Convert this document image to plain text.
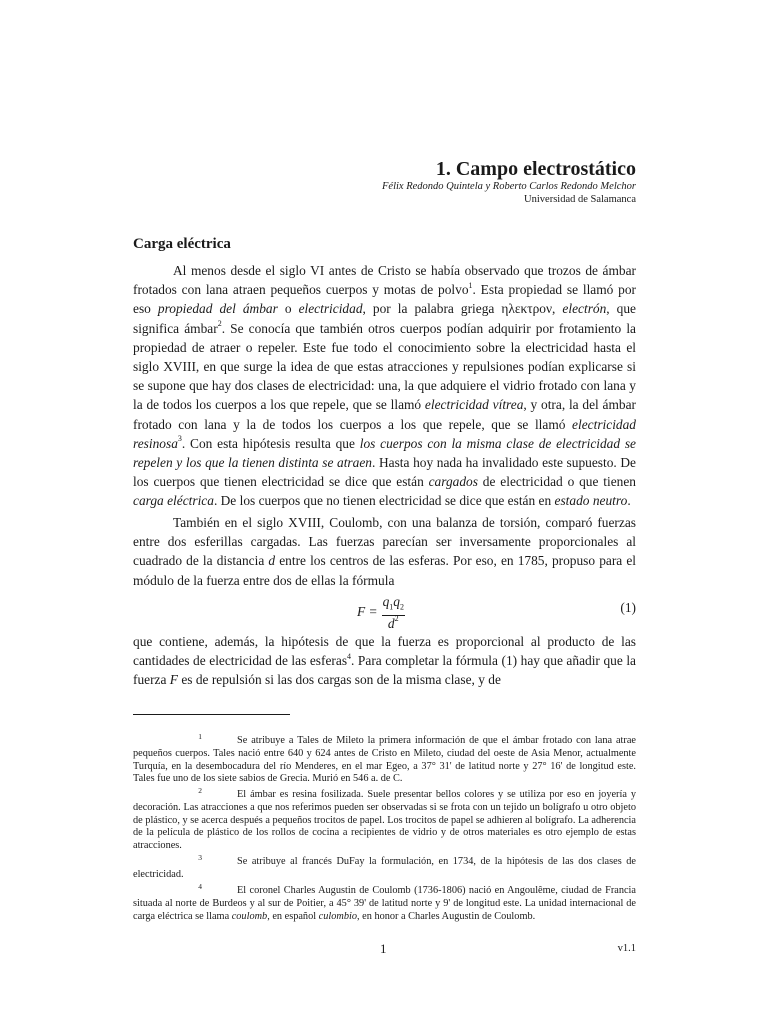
1. Campo electrostático
Félix Redondo Quintela y Roberto Carlos Redondo Melchor
Universidad de Salamanca
Carga eléctrica

Al menos desde el siglo VI antes de Cristo se había observado que trozos de ámbar frotados con lana atraen pequeños cuerpos y motas de polvo$^1$. Esta propiedad se llamó por eso propiedad del ámbar o electricidad, por la palabra griega ηλεκτρον, electrón, que significa ámbar$^2$. Se conocía que también otros cuerpos podían adquirir por frotamiento la propiedad de atraer o repeler. Este fue todo el conocimiento sobre la electricidad hasta el siglo XVIII, en que surge la idea de que estas atracciones y repulsiones podían explicarse si se supone que hay dos clases de electricidad: una, la que adquiere el vidrio frotado con lana y la de todos los cuerpos a los que repele, que se llamó electricidad vítrea, y otra, la del ámbar frotado con lana y la de todos los cuerpos a los que repele, que se llamó electricidad resinosa$^3$. Con esta hipótesis resulta que los cuerpos con la misma clase de electricidad se repelen y los que la tienen distinta se atraen. Hasta hoy nada ha invalidado este supuesto. De los cuerpos que tienen electricidad se dice que están cargados de electricidad o que tienen carga eléctrica. De los cuerpos que no tienen electricidad se dice que están en estado neutro.

También en el siglo XVIII, Coulomb, con una balanza de torsión, comparó fuerzas entre dos esferillas cargadas. Las fuerzas parecían ser inversamente proporcionales al cuadrado de la distancia d entre los centros de las esferas. Por eso, en 1785, propuso para el módulo de la fuerza entre dos de ellas la fórmula

$F = \frac{q_1q_2}{d^2}$	(1)

que contiene, además, la hipótesis de que la fuerza es proporcional al producto de las cantidades de electricidad de las esferas$^4$. Para completar la fórmula (1) hay que añadir que la fuerza F es de repulsión si las dos cargas son de la misma clase, y de

1	Se atribuye a Tales de Mileto la primera información de que el ámbar frotado con lana atrae pequeños cuerpos. Tales nació entre 640 y 624 antes de Cristo en Mileto, ciudad del oeste de Asia Menor, actualmente Turquía, en la desembocadura del río Menderes, en el mar Egeo, a 37° 31' de latitud norte y 27° 16' de longitud este. Tales fue uno de los siete sabios de Grecia. Murió en 546 a. de C.

2	El ámbar es resina fosilizada. Suele presentar bellos colores y se utiliza por eso en joyería y decoración. Las atracciones a que nos referimos pueden ser observadas si se frota con un tejido un bolígrafo u otro objeto de plástico, y se acerca después a pequeños trocitos de papel. Los trocitos de papel se adhieren al bolígrafo. La adherencia de la película de plástico de los rollos de cocina a recipientes de vidrio y de otros materiales es otro ejemplo de estas atracciones.

3	Se atribuye al francés DuFay la formulación, en 1734, de la hipótesis de las dos clases de electricidad.

4	El coronel Charles Augustin de Coulomb (1736-1806) nació en Angoulême, ciudad de Francia situada al norte de Burdeos y al sur de Poitier, a 45° 39' de latitud norte y 9' de longitud este. La unidad internacional de carga eléctrica se llama coulomb, en español culombio, en honor a Charles Augustin de Coulomb.

1	v1.1
